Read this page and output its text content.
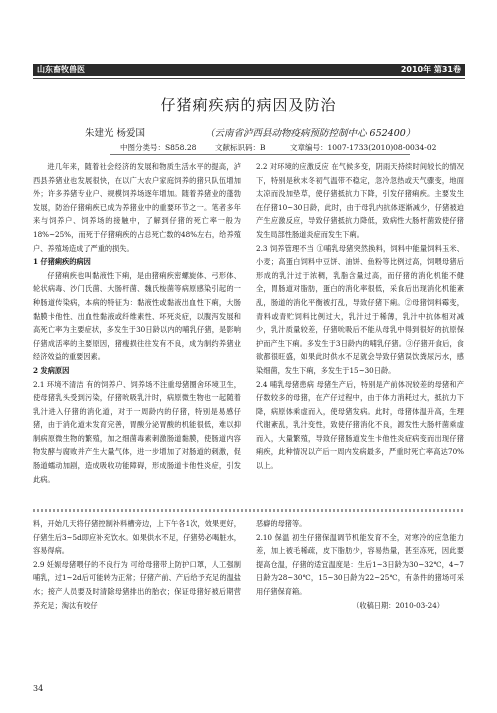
山东畜牧兽医	2010年 第31卷
仔猪痢疾病的病因及防治
朱建光 杨爱国	（云南省泸西县动物疫病预防控制中心 652400）
中图分类号：S858.28 文献标识码：B	文章编号：1007-1733(2010)08-0034-02

进几年来，随着社会经济的发展和物质生活水平的提高，泸西县养猪业也发展很快，在以广大农户家庭饲养的猪只队伍增加外；许多养猪专业户、规模饲养场逐年增加。随着养猪业的蓬勃发展，防治仔猪痢疾已成为养猪业中的重要环节之一。笔者多年来与饲养户、饲养场的接触中，了解到仔猪的死亡率一般为18%~25%，而死于仔猪痢疾的占总死亡数的48%左右，给养殖户、养殖场造成了严重的损失。

1 仔猪痢疾的病因

仔猪痢疾也叫黏液性下痢，是由猪痢疾密螺旋体、弓形体、轮状病毒、沙门氏菌、大肠杆菌、魏氏梭菌等病原感染引起的一种肠道传染病，本病的特征为：黏液性或黏液出血性下痢，大肠黏膜卡他性、出血性黏液或纤维素性、坏死炎症，以腹泻发展和高死亡率为主要症状，多发生于30日龄以内的哺乳仔猪，是影响仔猪成活率的主要原因，猪瘦损往往发有不良，成为制约养猪业经济效益的重要因素。

2 发病原因

2.1 环境不清洁 有的饲养户、饲养场不注重母猪圈舍环境卫生，使母猪乳头受到污染，仔猪吮吸乳汁时，病原微生物也一起随着乳汁进入仔猪的消化道，对于一周龄内的仔猪，特别是易感仔猪，由于消化道未发育完善，胃酸分泌胃酸的机能很低，难以抑制病原微生物的繁殖，加之细菌毒素刺激肠道黏膜，使肠道内容物发酵与腐败并产生大量气体，进一步增加了对肠道的刺激，促肠道蠕动加剧，造成吸收功能障碍，形成肠道卡他性炎症，引发此病。

2.2 对环境的应激反应 在气候多变，阴雨天持续时间较长的情况下，特别是秋末冬初气温带不稳定，忽冷忽热或天气骤变，地面太凉而没加垫草，使仔猪抵抗力下降，引发仔猪痢疾。主要发生在仔猪10~30日龄，此时，由于母乳内抗体逐渐减少，仔猪被迫产生应激反应，导致仔猪抵抗力降低，致病性大肠杆菌致使仔猪发生局部性肠道炎症而发生下痢。

2.3 饲养管理不当 ①哺乳母猪突然换料，饲料中能量饲料玉米、小麦；高蛋白饲料中豆饼、油饼、鱼粉等比例过高，饲喂母猪后形成的乳汁过于浓稠，乳脂含量过高，而仔猪的消化机能不健全，胃肠道对脂肪，蛋白的消化率很低，采食后出现消化机能紊乱，肠道的消化平衡被打乱，导致仔猪下痢。②母猪饲料霉变，青料或青贮饲料比例过大，乳汁过于稀薄，乳汁中抗体相对减少，乳汁质量较差，仔猪吮吸后不能从母乳中得到很好的抗原保护而产生下痢。多发生于3日龄内的哺乳仔猪。③仔猪开食后，食欲都很旺盛，如果此时供水不足就会导致仔猪误饮粪尿污水，感染细菌，发生下痢，多发生于15~30日龄。

2.4 哺乳母猪患病 母猪生产后，特别是产前体况较差的母猪和产仔数较多的母猪，在产仔过程中，由于体力消耗过大，抵抗力下降，病原体乘虚而入，使母猪发病。此时，母猪体温升高，生理代谢紊乱，乳汁变性，致使仔猪消化不良，源发性大肠杆菌乘虚而入，大量繁殖，导致仔猪肠道发生卡他性炎症病变而出现仔猪痢疾，此种情况以产后一周内发病最多，严重时死亡率高达70%以上。

料，开始几天将仔猪控制补料槽旁边，上下午各1次，效果更好，仔猪生后3~5d即应补充饮水。如果供水不足，仔猪势必喝脏水，容易得病。

2.9 妊娠母猪喂仔的不良行为 可给母猪带上防护口罩，人工强制哺乳，过1~2d后可能转为正常；仔猪产前、产后给予充足的温盐水；接产人员要及时清除母猪排出的胎衣；保证母猪好被后期营养充足；淘汰有咬仔

恶癖的母猪等。

2.10 保温 初生仔猪保温调节机能发育不全，对寒冷的应急能力差，加上被毛稀疏，皮下脂肪少，容易热量，甚至冻死，因此要提高仓温，仔猪的适宜温度是：生后1~3日龄为30~32℃，4~7日龄为28~30℃，15~30日龄为22~25℃，有条件的猪场可采用仔猪保育箱。

（收稿日期：2010-03-24）

34
